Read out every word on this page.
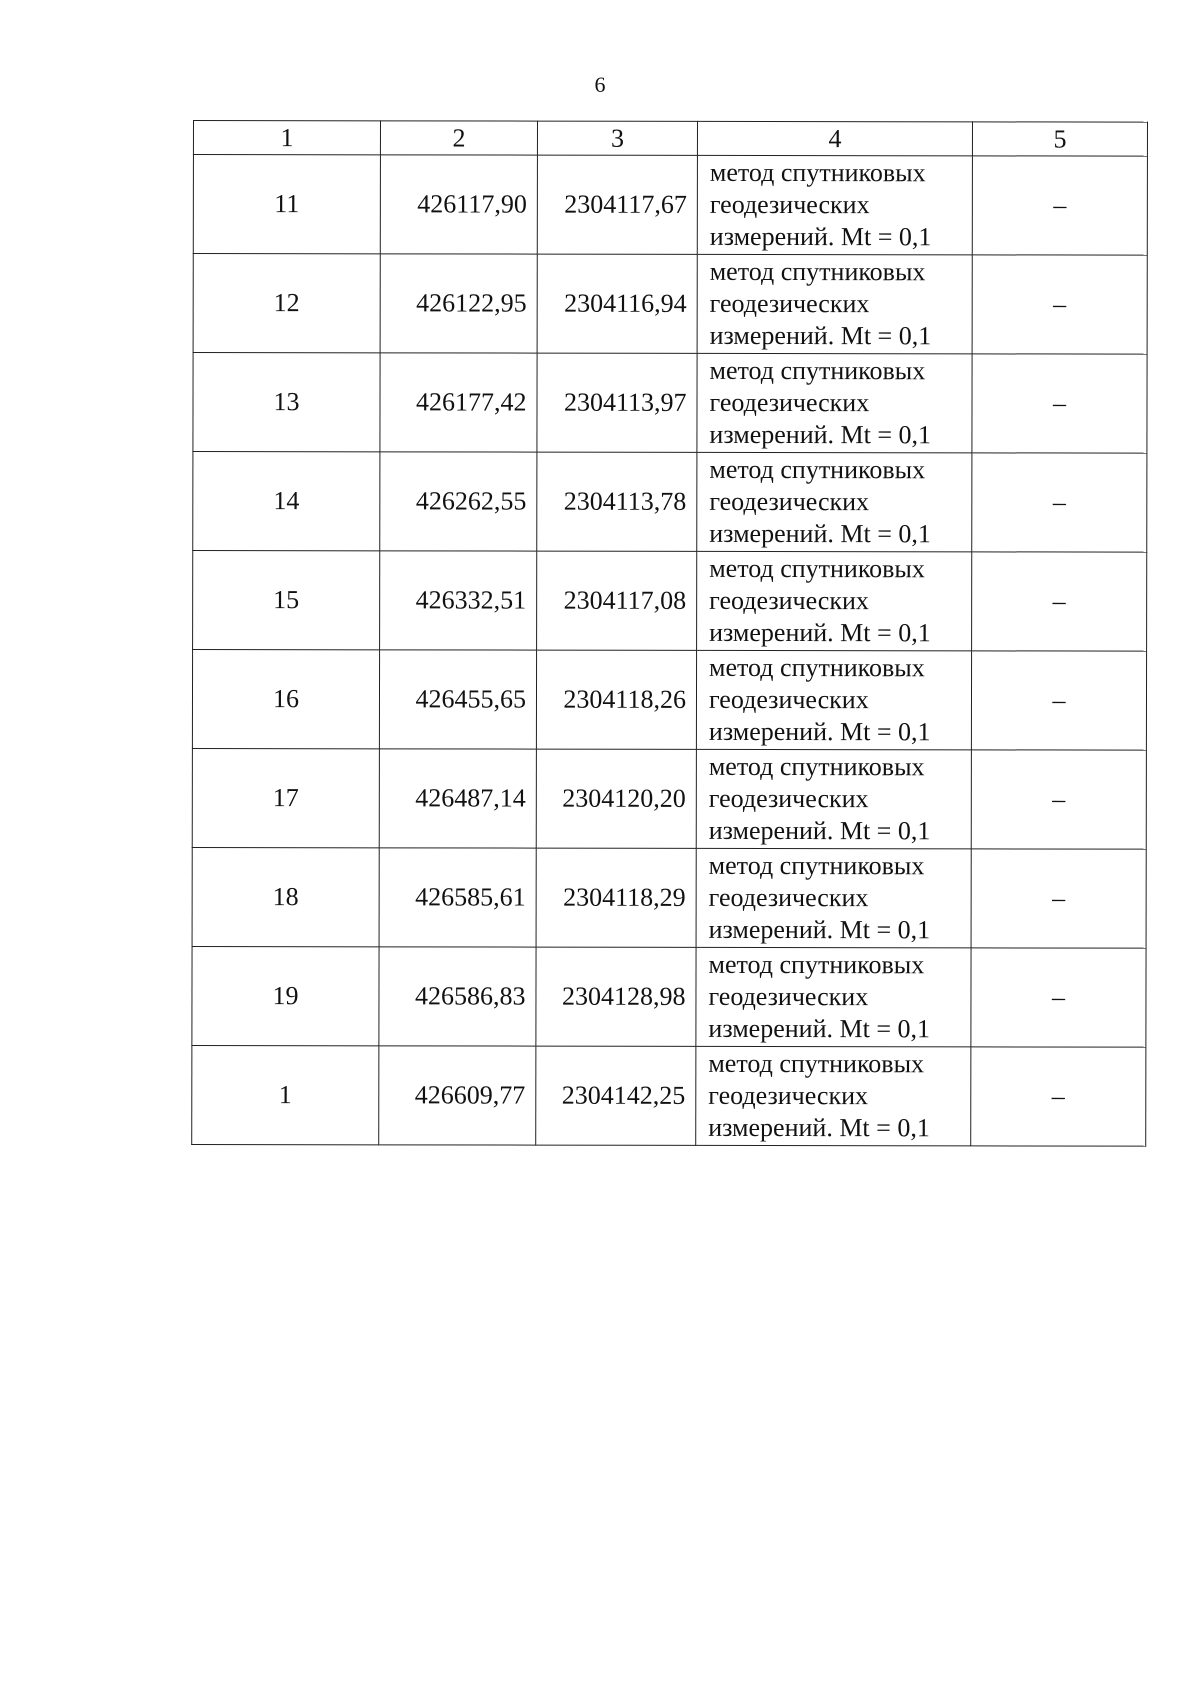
6
1	2	3	4	5
11	426117,90	2304117,67	метод спутниковых
геодезических
измерений. Mt = 0,1	–
12	426122,95	2304116,94	метод спутниковых
геодезических
измерений. Mt = 0,1	–
13	426177,42	2304113,97	метод спутниковых
геодезических
измерений. Mt = 0,1	–
14	426262,55	2304113,78	метод спутниковых
геодезических
измерений. Mt = 0,1	–
15	426332,51	2304117,08	метод спутниковых
геодезических
измерений. Mt = 0,1	–
16	426455,65	2304118,26	метод спутниковых
геодезических
измерений. Mt = 0,1	–
17	426487,14	2304120,20	метод спутниковых
геодезических
измерений. Mt = 0,1	–
18	426585,61	2304118,29	метод спутниковых
геодезических
измерений. Mt = 0,1	–
19	426586,83	2304128,98	метод спутниковых
геодезических
измерений. Mt = 0,1	–
1	426609,77	2304142,25	метод спутниковых
геодезических
измерений. Mt = 0,1	–
